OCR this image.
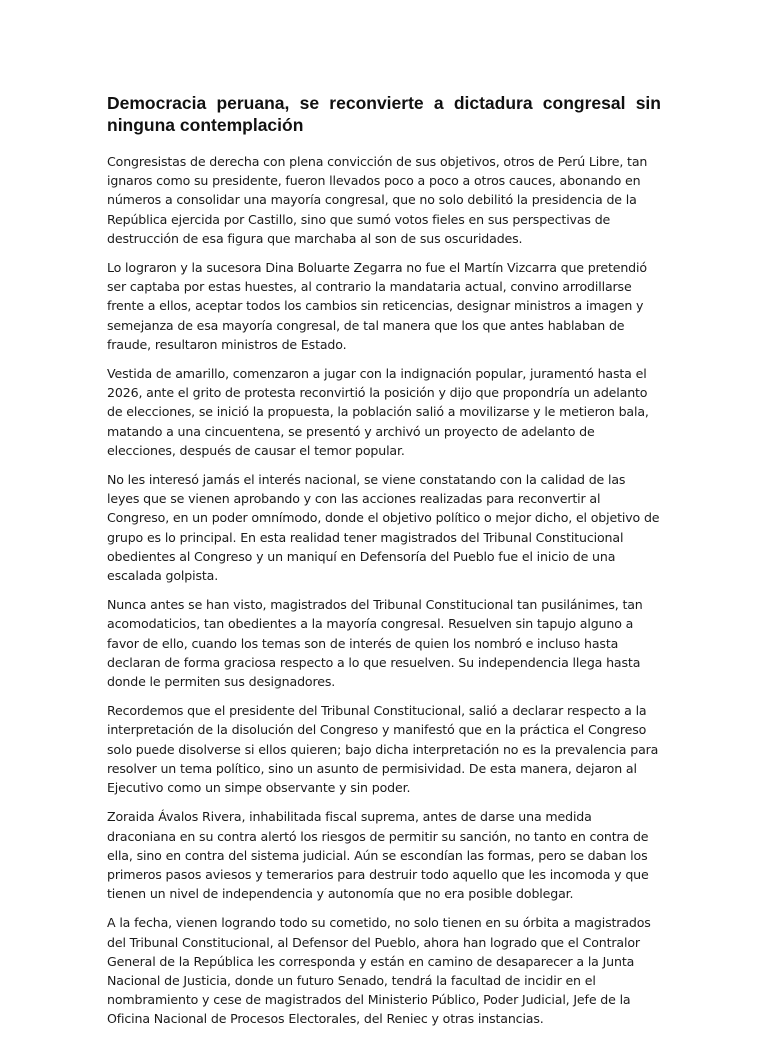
Democracia peruana, se reconvierte a dictadura congresal sin ninguna contemplación

Congresistas de derecha con plena convicción de sus objetivos, otros de Perú Libre, tan ignaros como su presidente, fueron llevados poco a poco a otros cauces, abonando en números a consolidar una mayoría congresal, que no solo debilitó la presidencia de la República ejercida por Castillo, sino que sumó votos fieles en sus perspectivas de destrucción de esa figura que marchaba al son de sus oscuridades.

Lo lograron y la sucesora Dina Boluarte Zegarra no fue el Martín Vizcarra que pretendió ser captaba por estas huestes, al contrario la mandataria actual, convino arrodillarse frente a ellos, aceptar todos los cambios sin reticencias, designar ministros a imagen y semejanza de esa mayoría congresal, de tal manera que los que antes hablaban de fraude, resultaron ministros de Estado.

Vestida de amarillo, comenzaron a jugar con la indignación popular, juramentó hasta el 2026, ante el grito de protesta reconvirtió la posición y dijo que propondría un adelanto de elecciones, se inició la propuesta, la población salió a movilizarse y le metieron bala, matando a una cincuentena, se presentó y archivó un proyecto de adelanto de elecciones, después de causar el temor popular.

No les interesó jamás el interés nacional, se viene constatando con la calidad de las leyes que se vienen aprobando y con las acciones realizadas para reconvertir al Congreso, en un poder omnímodo, donde el objetivo político o mejor dicho, el objetivo de grupo es lo principal. En esta realidad tener magistrados del Tribunal Constitucional obedientes al Congreso y un maniquí en Defensoría del Pueblo fue el inicio de una escalada golpista.

Nunca antes se han visto, magistrados del Tribunal Constitucional tan pusilánimes, tan acomodaticios, tan obedientes a la mayoría congresal. Resuelven sin tapujo alguno a favor de ello, cuando los temas son de interés de quien los nombró e incluso hasta declaran de forma graciosa respecto a lo que resuelven. Su independencia llega hasta donde le permiten sus designadores.

Recordemos que el presidente del Tribunal Constitucional, salió a declarar respecto a la interpretación de la disolución del Congreso y manifestó que en la práctica el Congreso solo puede disolverse si ellos quieren; bajo dicha interpretación no es la prevalencia para resolver un tema político, sino un asunto de permisividad. De esta manera, dejaron al Ejecutivo como un simpe observante y sin poder.

Zoraida Ávalos Rivera, inhabilitada fiscal suprema, antes de darse una medida draconiana en su contra alertó los riesgos de permitir su sanción, no tanto en contra de ella, sino en contra del sistema judicial. Aún se escondían las formas, pero se daban los primeros pasos aviesos y temerarios para destruir todo aquello que les incomoda y que tienen un nivel de independencia y autonomía que no era posible doblegar.

A la fecha, vienen logrando todo su cometido, no solo tienen en su órbita a magistrados del Tribunal Constitucional, al Defensor del Pueblo, ahora han logrado que el Contralor General de la República les corresponda y están en camino de desaparecer a la Junta Nacional de Justicia, donde un futuro Senado, tendrá la facultad de incidir en el nombramiento y cese de magistrados del Ministerio Público, Poder Judicial, Jefe de la Oficina Nacional de Procesos Electorales, del Reniec y otras instancias.
